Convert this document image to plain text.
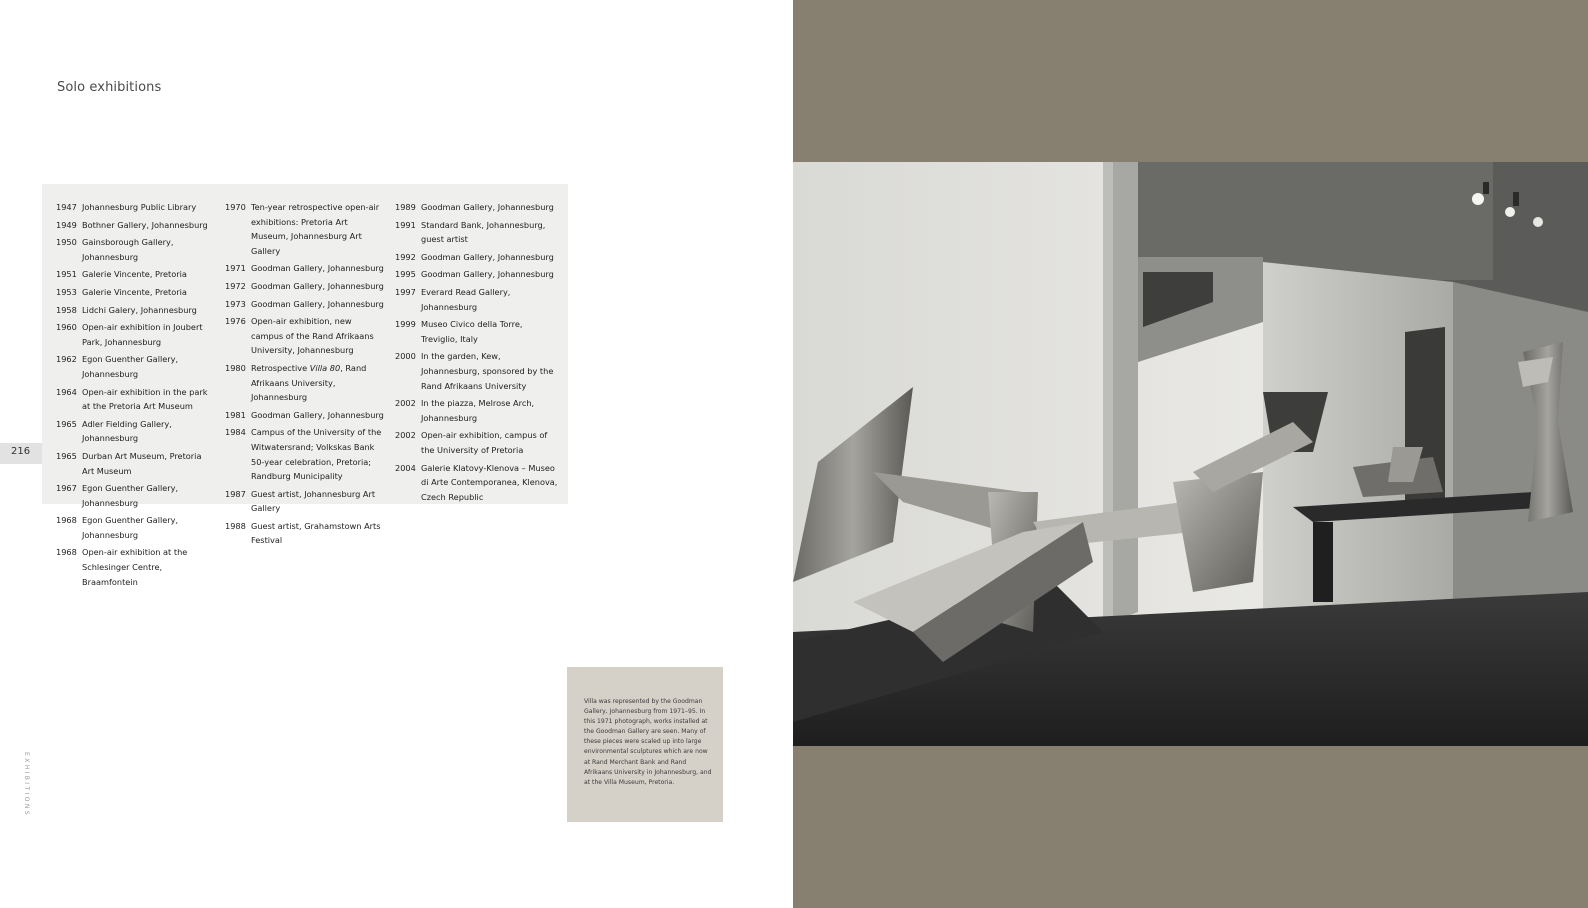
Solo exhibitions
1947 Johannesburg Public Library
1949 Bothner Gallery, Johannesburg
1950 Gainsborough Gallery, Johannesburg
1951 Galerie Vincente, Pretoria
1953 Galerie Vincente, Pretoria
1958 Lidchi Galery, Johannesburg
1960 Open-air exhibition in Joubert Park, Johannesburg
1962 Egon Guenther Gallery, Johannesburg
1964 Open-air exhibition in the park at the Pretoria Art Museum
1965 Adler Fielding Gallery, Johannesburg
1965 Durban Art Museum, Pretoria Art Museum
1967 Egon Guenther Gallery, Johannesburg
1968 Egon Guenther Gallery, Johannesburg
1968 Open-air exhibition at the Schlesinger Centre, Braamfontein
1970 Ten-year retrospective open-air exhibitions: Pretoria Art Museum, Johannesburg Art Gallery
1971 Goodman Gallery, Johannesburg
1972 Goodman Gallery, Johannesburg
1973 Goodman Gallery, Johannesburg
1976 Open-air exhibition, new campus of the Rand Afrikaans University, Johannesburg
1980 Retrospective Villa 80, Rand Afrikaans University, Johannesburg
1981 Goodman Gallery, Johannesburg
1984 Campus of the University of the Witwatersrand; Volkskas Bank 50-year celebration, Pretoria; Randburg Municipality
1987 Guest artist, Johannesburg Art Gallery
1988 Guest artist, Grahamstown Arts Festival
1989 Goodman Gallery, Johannesburg
1991 Standard Bank, Johannesburg, guest artist
1992 Goodman Gallery, Johannesburg
1995 Goodman Gallery, Johannesburg
1997 Everard Read Gallery, Johannesburg
1999 Museo Civico della Torre, Treviglio, Italy
2000 In the garden, Kew, Johannesburg, sponsored by the Rand Afrikaans University
2002 In the piazza, Melrose Arch, Johannesburg
2002 Open-air exhibition, campus of the University of Pretoria
2004 Galerie Klatovy-Klenova – Museo di Arte Contemporanea, Klenova, Czech Republic
216
EXHIBITIONS
Villa was represented by the Goodman Gallery, Johannesburg from 1971–95. In this 1971 photograph, works installed at the Goodman Gallery are seen. Many of these pieces were scaled up into large environmental sculptures which are now at Rand Merchant Bank and Rand Afrikaans University in Johannesburg, and at the Villa Museum, Pretoria.
